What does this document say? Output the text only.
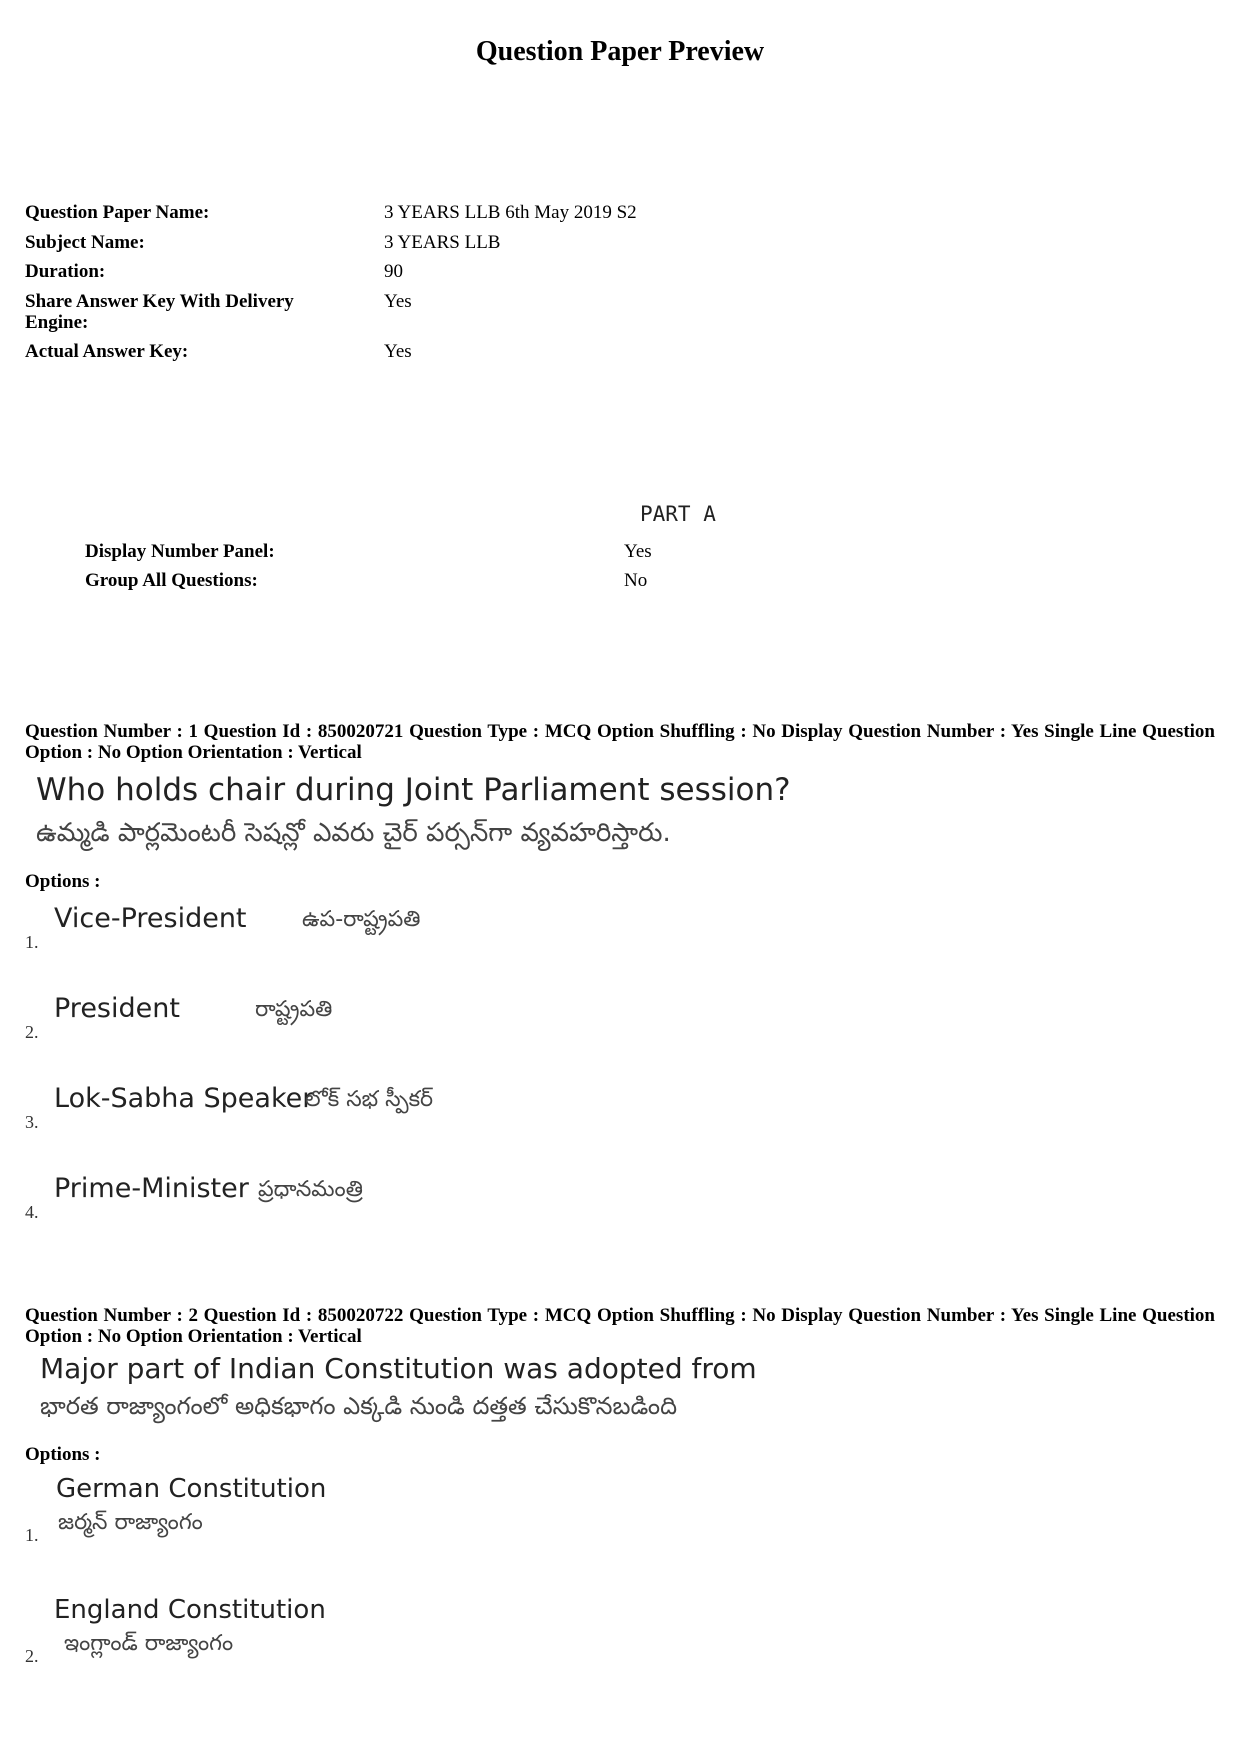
Question Paper Preview
Question Paper Name:	3 YEARS LLB 6th May 2019 S2
Subject Name:	3 YEARS LLB
Duration:	90
Share Answer Key With Delivery Engine:
Yes
Actual Answer Key:	Yes
PART A
Display Number Panel:	Yes
Group All Questions:	No
Question Number : 1 Question Id : 850020721 Question Type : MCQ Option Shuffling : No Display Question Number : Yes Single Line Question Option : No Option Orientation : Vertical
Who holds chair during Joint Parliament session?
ఉమ్మడి పార్లమెంటరీ సెషన్లో ఎవరు చైర్ పర్సన్‌గా వ్యవహరిస్తారు.
Options :
1.
Vice-President	ఉప-రాష్ట్రపతి
2.
President	రాష్ట్రపతి
3.
Lok-Sabha Speaker
లోక్ సభ స్పీకర్
4.
Prime-Minister ప్రధానమంత్రి
Question Number : 2 Question Id : 850020722 Question Type : MCQ Option Shuffling : No Display Question Number : Yes Single Line Question Option : No Option Orientation : Vertical
Major part of Indian Constitution was adopted from
భారత రాజ్యాంగంలో అధికభాగం ఎక్కడి నుండి దత్తత చేసుకొనబడింది
Options :
1.
German Constitution
జర్మన్ రాజ్యాంగం
2.
England Constitution
ఇంగ్లాండ్ రాజ్యాంగం
